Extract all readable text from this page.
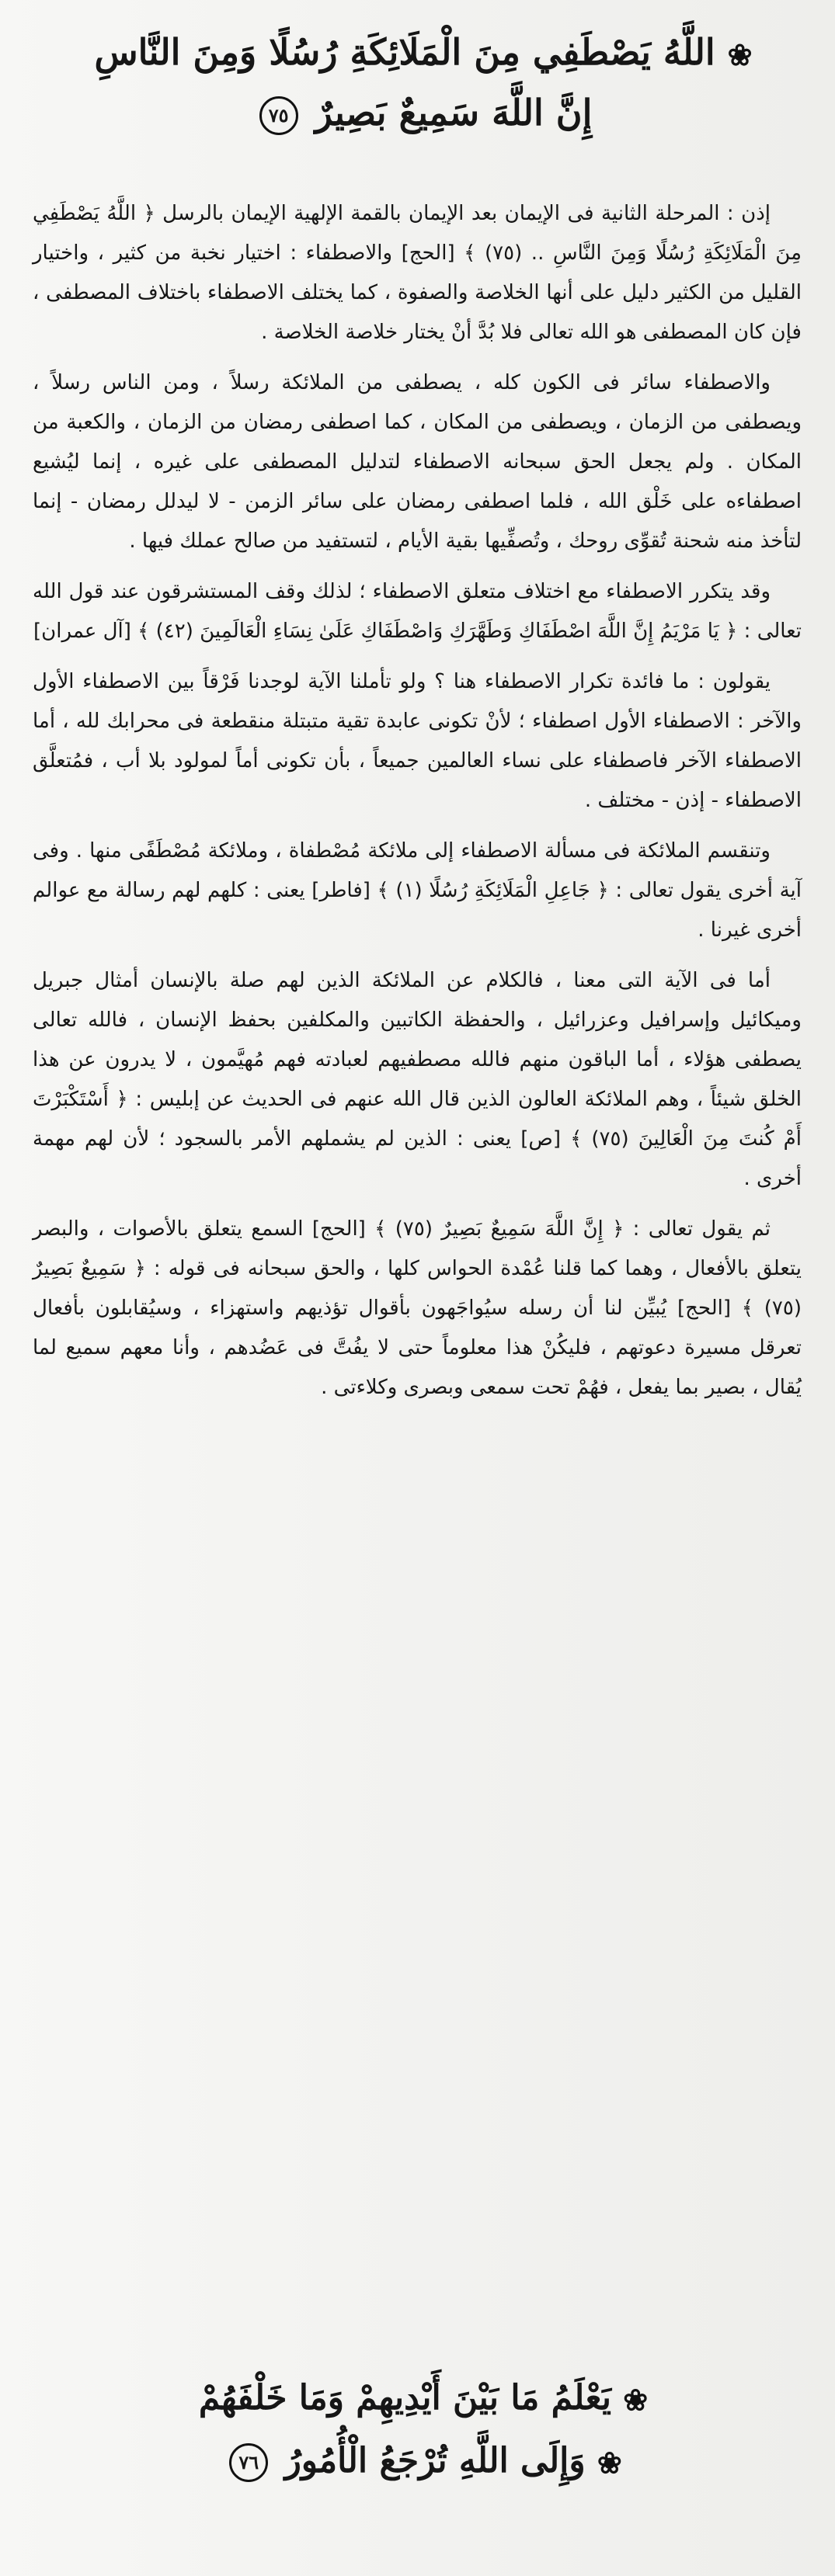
❀ اللَّهُ يَصْطَفِي مِنَ الْمَلَائِكَةِ رُسُلًا وَمِنَ النَّاسِ
إِنَّ اللَّهَ سَمِيعٌ بَصِيرٌ ٧٥

إذن : المرحلة الثانية فى الإيمان بعد الإيمان بالقمة الإلهية الإيمان بالرسل ﴿ اللَّهُ يَصْطَفِي مِنَ الْمَلَائِكَةِ رُسُلًا وَمِنَ النَّاسِ .. (٧٥) ﴾ [الحج] والاصطفاء : اختيار نخبة من كثير ، واختيار القليل من الكثير دليل على أنها الخلاصة والصفوة ، كما يختلف الاصطفاء باختلاف المصطفى ، فإن كان المصطفى هو الله تعالى فلا بُدَّ أنْ يختار خلاصة الخلاصة .

والاصطفاء سائر فى الكون كله ، يصطفى من الملائكة رسلاً ، ومن الناس رسلاً ، ويصطفى من الزمان ، ويصطفى من المكان ، كما اصطفى رمضان من الزمان ، والكعبة من المكان . ولم يجعل الحق سبحانه الاصطفاء لتدليل المصطفى على غيره ، إنما ليُشيع اصطفاءه على خَلْق الله ، فلما اصطفى رمضان على سائر الزمن - لا ليدلل رمضان - إنما لتأخذ منه شحنة تُقوِّى روحك ، وتُصفِّيها بقية الأيام ، لتستفيد من صالح عملك فيها .

وقد يتكرر الاصطفاء مع اختلاف متعلق الاصطفاء ؛ لذلك وقف المستشرقون عند قول الله تعالى : ﴿ يَا مَرْيَمُ إِنَّ اللَّهَ اصْطَفَاكِ وَطَهَّرَكِ وَاصْطَفَاكِ عَلَىٰ نِسَاءِ الْعَالَمِينَ (٤٢) ﴾ [آل عمران]

يقولون : ما فائدة تكرار الاصطفاء هنا ؟ ولو تأملنا الآية لوجدنا فَرْقاً بين الاصطفاء الأول والآخر : الاصطفاء الأول اصطفاء ؛ لأنْ تكونى عابدة تقية متبتلة منقطعة فى محرابك لله ، أما الاصطفاء الآخر فاصطفاء على نساء العالمين جميعاً ، بأن تكونى أماً لمولود بلا أب ، فمُتعلَّق الاصطفاء - إذن - مختلف .

وتنقسم الملائكة فى مسألة الاصطفاء إلى ملائكة مُصْطفاة ، وملائكة مُصْطَفًى منها . وفى آية أخرى يقول تعالى : ﴿ جَاعِلِ الْمَلَائِكَةِ رُسُلًا (١) ﴾ [فاطر] يعنى : كلهم لهم رسالة مع عوالم أخرى غيرنا .

أما فى الآية التى معنا ، فالكلام عن الملائكة الذين لهم صلة بالإنسان أمثال جبريل وميكائيل وإسرافيل وعزرائيل ، والحفظة الكاتبين والمكلفين بحفظ الإنسان ، فالله تعالى يصطفى هؤلاء ، أما الباقون منهم فالله مصطفيهم لعبادته فهم مُهيَّمون ، لا يدرون عن هذا الخلق شيئاً ، وهم الملائكة العالون الذين قال الله عنهم فى الحديث عن إبليس : ﴿ أَسْتَكْبَرْتَ أَمْ كُنتَ مِنَ الْعَالِينَ (٧٥) ﴾ [ص] يعنى : الذين لم يشملهم الأمر بالسجود ؛ لأن لهم مهمة أخرى .

ثم يقول تعالى : ﴿ إِنَّ اللَّهَ سَمِيعٌ بَصِيرٌ (٧٥) ﴾ [الحج] السمع يتعلق بالأصوات ، والبصر يتعلق بالأفعال ، وهما كما قلنا عُمْدة الحواس كلها ، والحق سبحانه فى قوله : ﴿ سَمِيعٌ بَصِيرٌ (٧٥) ﴾ [الحج] يُبيِّن لنا أن رسله سيُواجَهون بأقوال تؤذيهم واستهزاء ، وسيُقابلون بأفعال تعرقل مسيرة دعوتهم ، فليكُنْ هذا معلوماً حتى لا يفُتَّ فى عَضُدهم ، وأنا معهم سميع لما يُقال ، بصير بما يفعل ، فهُمْ تحت سمعى وبصرى وكلاءتى .

❀ يَعْلَمُ مَا بَيْنَ أَيْدِيهِمْ وَمَا خَلْفَهُمْ
❀ وَإِلَى اللَّهِ تُرْجَعُ الْأُمُورُ ٧٦
